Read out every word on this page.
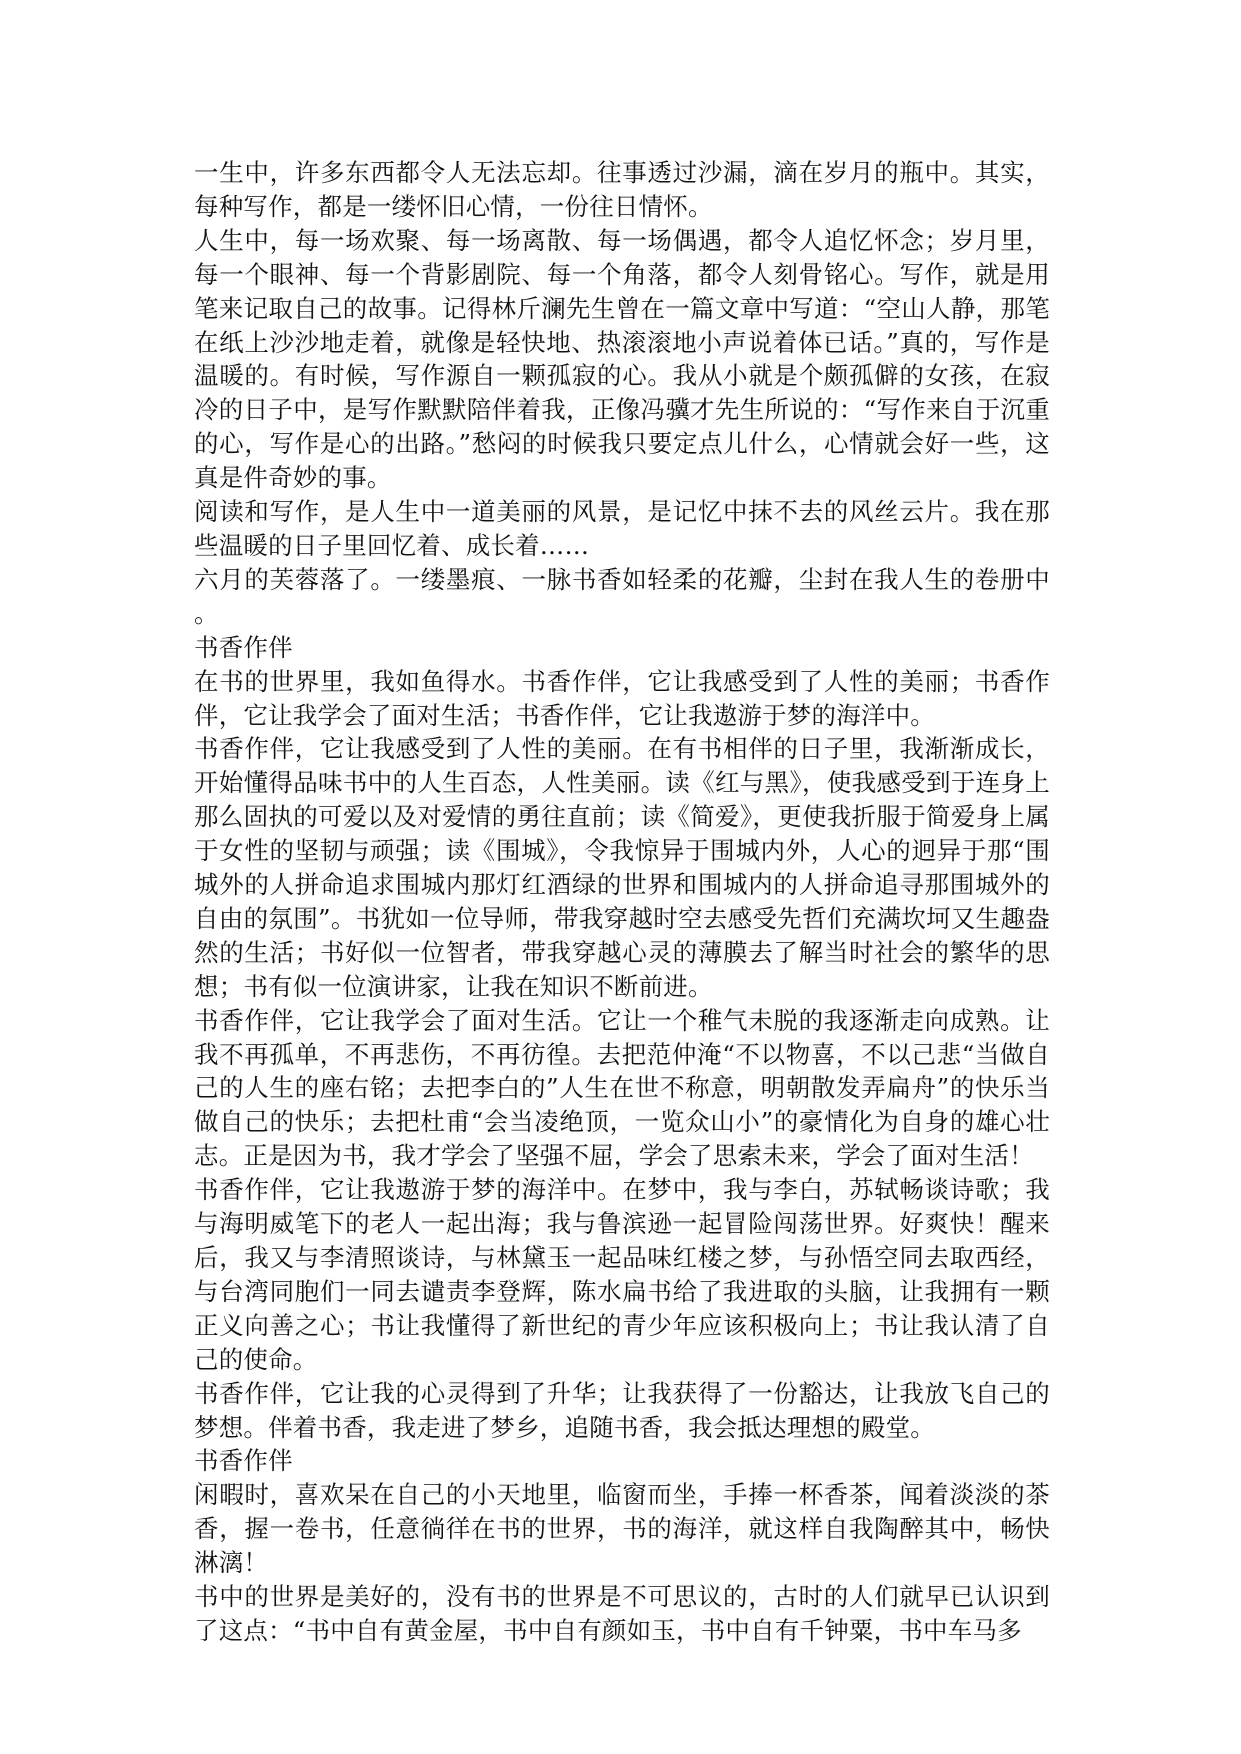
一生中，许多东西都令人无法忘却。往事透过沙漏，滴在岁月的瓶中。其实，每种写作，都是一缕怀旧心情，一份往日情怀。

人生中，每一场欢聚、每一场离散、每一场偶遇，都令人追忆怀念；岁月里，每一个眼神、每一个背影剧院、每一个角落，都令人刻骨铭心。写作，就是用笔来记取自己的故事。记得林斤澜先生曾在一篇文章中写道：“空山人静，那笔在纸上沙沙地走着，就像是轻快地、热滚滚地小声说着体已话。”真的，写作是温暖的。有时候，写作源自一颗孤寂的心。我从小就是个颇孤僻的女孩，在寂冷的日子中，是写作默默陪伴着我，正像冯骥才先生所说的：“写作来自于沉重的心，写作是心的出路。”愁闷的时候我只要定点儿什么，心情就会好一些，这真是件奇妙的事。

阅读和写作，是人生中一道美丽的风景，是记忆中抹不去的风丝云片。我在那些温暖的日子里回忆着、成长着……

六月的芙蓉落了。一缕墨痕、一脉书香如轻柔的花瓣，尘封在我人生的卷册中。

书香作伴

在书的世界里，我如鱼得水。书香作伴，它让我感受到了人性的美丽；书香作伴，它让我学会了面对生活；书香作伴，它让我遨游于梦的海洋中。

书香作伴，它让我感受到了人性的美丽。在有书相伴的日子里，我渐渐成长，开始懂得品味书中的人生百态，人性美丽。读《红与黑》，使我感受到于连身上那么固执的可爱以及对爱情的勇往直前；读《简爱》，更使我折服于简爱身上属于女性的坚韧与顽强；读《围城》，令我惊异于围城内外，人心的迥异于那“围城外的人拼命追求围城内那灯红酒绿的世界和围城内的人拼命追寻那围城外的自由的氛围”。书犹如一位导师，带我穿越时空去感受先哲们充满坎坷又生趣盎然的生活；书好似一位智者，带我穿越心灵的薄膜去了解当时社会的繁华的思想；书有似一位演讲家，让我在知识不断前进。

书香作伴，它让我学会了面对生活。它让一个稚气未脱的我逐渐走向成熟。让我不再孤单，不再悲伤，不再彷徨。去把范仲淹“不以物喜，不以己悲“当做自己的人生的座右铭；去把李白的”人生在世不称意，明朝散发弄扁舟”的快乐当做自己的快乐；去把杜甫“会当凌绝顶，一览众山小”的豪情化为自身的雄心壮志。正是因为书，我才学会了坚强不屈，学会了思索未来，学会了面对生活！

书香作伴，它让我遨游于梦的海洋中。在梦中，我与李白，苏轼畅谈诗歌；我与海明威笔下的老人一起出海；我与鲁滨逊一起冒险闯荡世界。好爽快！醒来后，我又与李清照谈诗，与林黛玉一起品味红楼之梦，与孙悟空同去取西经，与台湾同胞们一同去谴责李登辉，陈水扁书给了我进取的头脑，让我拥有一颗正义向善之心；书让我懂得了新世纪的青少年应该积极向上；书让我认清了自己的使命。

书香作伴，它让我的心灵得到了升华；让我获得了一份豁达，让我放飞自己的梦想。伴着书香，我走进了梦乡，追随书香，我会抵达理想的殿堂。

书香作伴

闲暇时，喜欢呆在自己的小天地里，临窗而坐，手捧一杯香茶，闻着淡淡的茶香，握一卷书，任意徜徉在书的世界，书的海洋，就这样自我陶醉其中，畅快淋漓！

书中的世界是美好的，没有书的世界是不可思议的，古时的人们就早已认识到了这点：“书中自有黄金屋，书中自有颜如玉，书中自有千钟粟，书中车马多
